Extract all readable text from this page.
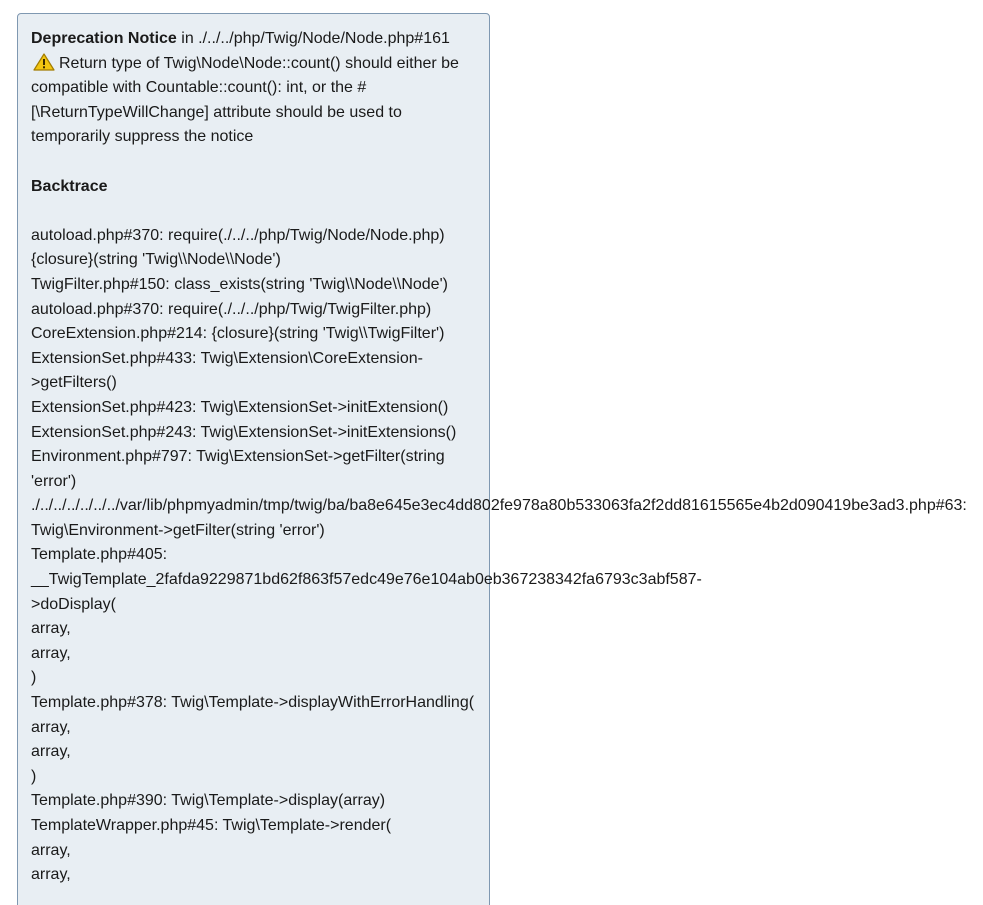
Deprecation Notice in ./../../php/Twig/Node/Node.php#161
Return type of Twig\Node\Node::count() should either be compatible with Countable::count(): int, or the #[\ReturnTypeWillChange] attribute should be used to temporarily suppress the notice
Backtrace
autoload.php#370: require(./../../php/Twig/Node/Node.php)
{closure}(string 'Twig\\Node\\Node')
TwigFilter.php#150: class_exists(string 'Twig\\Node\\Node')
autoload.php#370: require(./../../php/Twig/TwigFilter.php)
CoreExtension.php#214: {closure}(string 'Twig\\TwigFilter')
ExtensionSet.php#433: Twig\Extension\CoreExtension->getFilters()
ExtensionSet.php#423: Twig\ExtensionSet->initExtension()
ExtensionSet.php#243: Twig\ExtensionSet->initExtensions()
Environment.php#797: Twig\ExtensionSet->getFilter(string 'error')
./../../../../../../var/lib/phpmyadmin/tmp/twig/ba/ba8e645e3ec4dd802fe978a80b533063fa2f2dd81615565e4b2d090419be3ad3.php#63:
Twig\Environment->getFilter(string 'error')
Template.php#405:
__TwigTemplate_2fafda9229871bd62f863f57edc49e76e104ab0eb367238342fa6793c3abf587-
>doDisplay(
array,
array,
)
Template.php#378: Twig\Template->displayWithErrorHandling(
array,
array,
)
Template.php#390: Twig\Template->display(array)
TemplateWrapper.php#45: Twig\Template->render(
array,
array,
